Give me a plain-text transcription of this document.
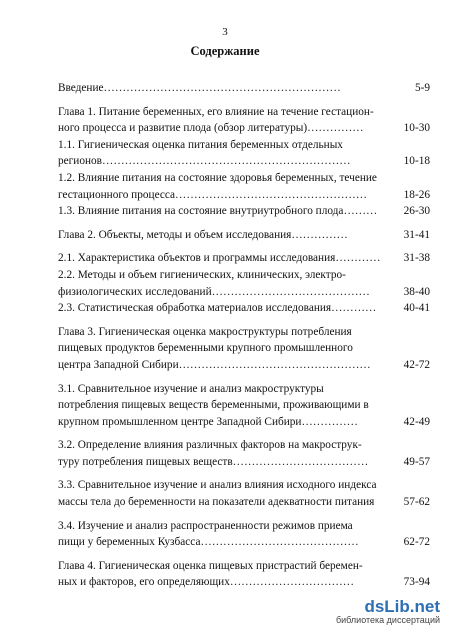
3
Содержание
Введение………………………………………………………	5-9
Глава 1. Питание беременных, его влияние на течение гестацион-
ного процесса и развитие плода (обзор литературы)……………	10-30
1.1. Гигиеническая оценка питания беременных отдельных
регионов…………………………………………………………	10-18
1.2. Влияние питания на состояние здоровья беременных, течение
гестационного процесса……………………………………………	18-26
1.3. Влияние питания на состояние внутриутробного плода………	26-30
Глава 2. Объекты, методы и объем исследования……………	31-41
2.1. Характеристика объектов и программы исследования…………	31-38
2.2. Методы и объем гигиенических, клинических, электро-
физиологических исследований……………………………………	38-40
2.3. Статистическая обработка материалов исследования…………	40-41
Глава 3. Гигиеническая оценка макроструктуры потребления
пищевых продуктов беременными крупного промышленного
центра Западной Сибири……………………………………………	42-72
3.1. Сравнительное изучение и анализ макроструктуры
потребления пищевых веществ беременными, проживающими в
крупном промышленном центре Западной Сибири……………	42-49
3.2. Определение влияния различных факторов на макрострук-
туру потребления пищевых веществ………………………………	49-57
3.3. Сравнительное изучение и анализ влияния исходного индекса
массы тела до беременности на показатели адекватности питания	57-62
3.4. Изучение и анализ распространенности режимов приема
пищи у беременных Кузбасса……………………………………	62-72
Глава 4. Гигиеническая оценка пищевых пристрастий беремен-
ных и факторов, его определяющих……………………………	73-94
dsLib.net
библиотека диссертаций
